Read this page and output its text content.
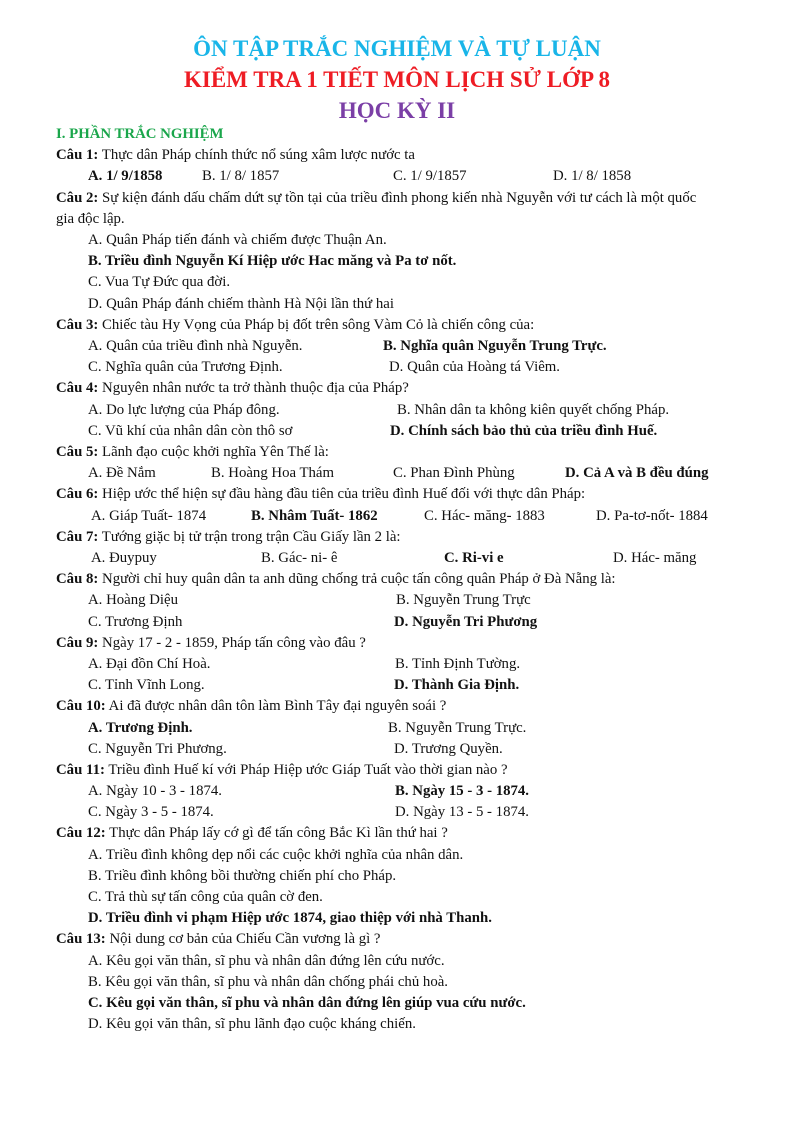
ÔN TẬP TRẮC NGHIỆM VÀ TỰ LUẬN
KIỂM TRA 1 TIẾT MÔN LỊCH SỬ LỚP 8
HỌC KỲ II
I. PHẦN TRẮC NGHIỆM
Câu 1: Thực dân Pháp chính thức nổ súng xâm lược nước ta
A. 1/ 9/1858	B. 1/ 8/ 1857	C. 1/ 9/1857	D. 1/ 8/ 1858
Câu 2: Sự kiện đánh dấu chấm dứt sự tồn tại của triều đình phong kiến nhà Nguyễn với tư cách là một quốc
gia độc lập.
A. Quân Pháp tiến đánh và chiếm được Thuận An.
B. Triều đình Nguyễn Kí Hiệp ước Hac măng và Pa tơ nốt.
C. Vua Tự Đức qua đời.
D. Quân Pháp đánh chiếm thành Hà Nội lần thứ hai
Câu 3: Chiếc tàu Hy Vọng của Pháp bị đốt trên sông Vàm Cỏ là chiến công của:
A. Quân của triều đình nhà Nguyễn.	B. Nghĩa quân Nguyễn Trung Trực.
C. Nghĩa quân của Trương Định.	D. Quân của Hoàng tá Viêm.
Câu 4: Nguyên nhân nước ta trở thành thuộc địa của Pháp?
A. Do lực lượng của Pháp đông.	B. Nhân dân ta không kiên quyết chống Pháp.
C. Vũ khí của nhân dân còn thô sơ	D. Chính sách bảo thủ của triều đình Huế.
Câu 5: Lãnh đạo cuộc khởi nghĩa Yên Thế là:
A. Đề Nắm	B. Hoàng Hoa Thám	C. Phan Đình Phùng	D. Cả A và B đều đúng
Câu 6: Hiệp ước thể hiện sự đầu hàng đầu tiên của triều đình Huế đối với thực dân Pháp:
A. Giáp Tuất- 1874	B. Nhâm Tuất- 1862	C. Hác- măng- 1883	D. Pa-tơ-nốt- 1884
Câu 7: Tướng giặc bị tử trận trong trận Cầu Giấy lần 2 là:
A. Đuypuy	B. Gác- ni- ê	C. Ri-vi e	D. Hác- măng
Câu 8: Người chỉ huy quân dân ta anh dũng chống trả cuộc tấn công quân Pháp ở Đà Nẵng là:
A. Hoàng Diệu	B. Nguyễn Trung Trực
C. Trương Định	D. Nguyễn Tri Phương
Câu 9: Ngày 17 - 2 - 1859, Pháp tấn công vào đâu ?
A. Đại đồn Chí Hoà.	B. Tỉnh Định Tường.
C. Tỉnh Vĩnh Long.	D. Thành Gia Định.
Câu 10: Ai đã được nhân dân tôn làm Bình Tây đại nguyên soái ?
A. Trương Định.	B. Nguyễn Trung Trực.
C. Nguyễn Tri Phương.	D. Trương Quyền.
Câu 11: Triều đình Huế kí với Pháp Hiệp ước Giáp Tuất vào thời gian nào ?
A. Ngày 10 - 3 - 1874.	B. Ngày 15 - 3 - 1874.
C. Ngày 3 - 5 - 1874.	D. Ngày 13 - 5 - 1874.
Câu 12: Thực dân Pháp lấy cớ gì để tấn công Bắc Kì lần thứ hai ?
A. Triều đình không dẹp nổi các cuộc khởi nghĩa của nhân dân.
B. Triều đình không bồi thường chiến phí cho Pháp.
C. Trả thù sự tấn công của quân cờ đen.
D. Triều đình vi phạm Hiệp ước 1874, giao thiệp với nhà Thanh.
Câu 13: Nội dung cơ bản của Chiếu Cần vương là gì ?
A. Kêu gọi văn thân, sĩ phu và nhân dân đứng lên cứu nước.
B. Kêu gọi văn thân, sĩ phu và nhân dân chống phái chủ hoà.
C. Kêu gọi văn thân, sĩ phu và nhân dân đứng lên giúp vua cứu nước.
D. Kêu gọi văn thân, sĩ phu lãnh đạo cuộc kháng chiến.
